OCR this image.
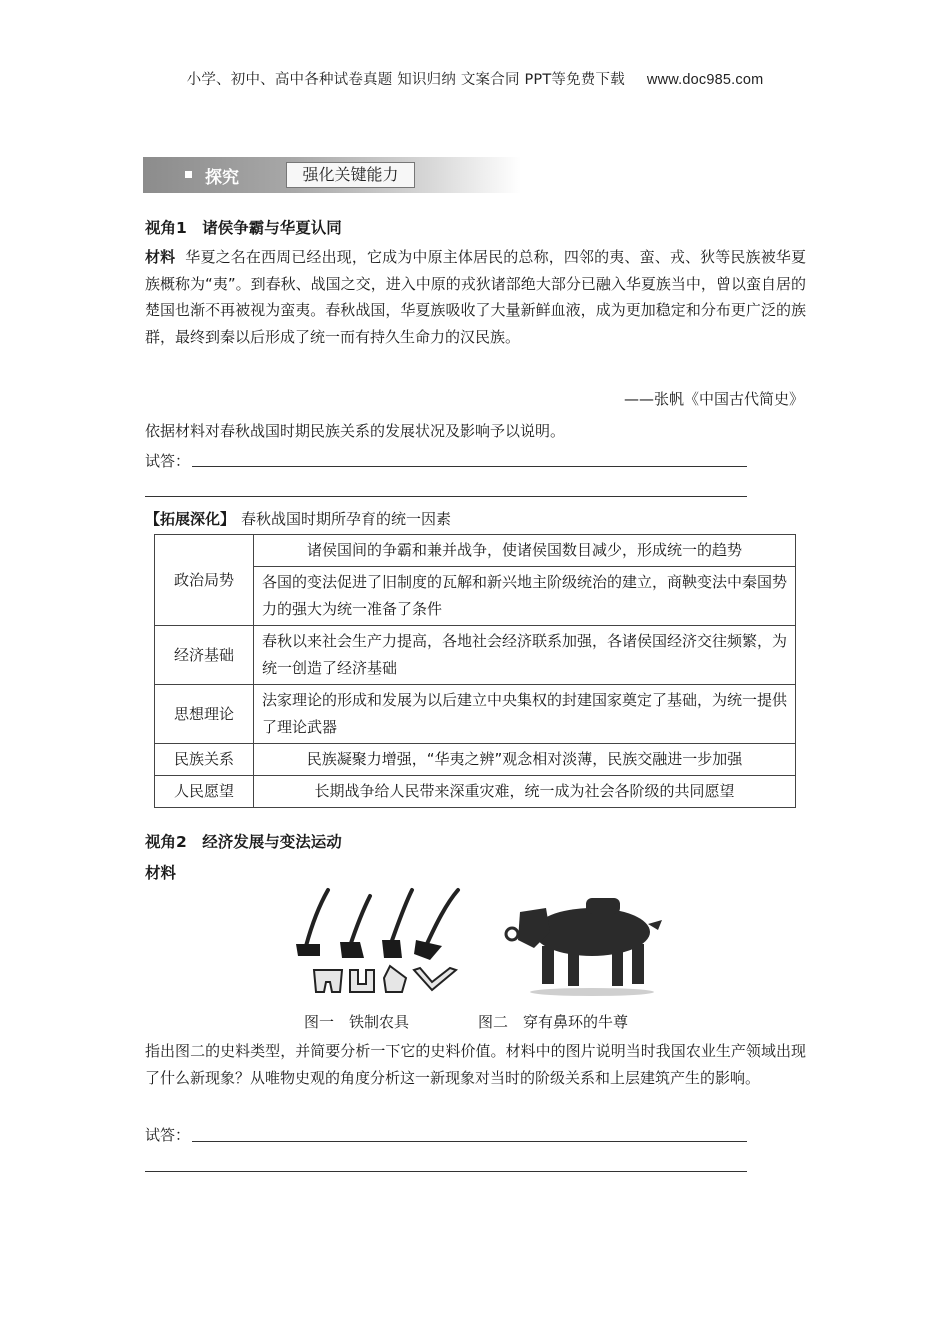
小学、初中、高中各种试卷真题 知识归纳 文案合同 PPT等免费下载 www.doc985.com
探究	强化关键能力
视角1　诸侯争霸与华夏认同
材料 华夏之名在西周已经出现，它成为中原主体居民的总称，四邻的夷、蛮、戎、狄等民族被华夏族概称为“夷”。到春秋、战国之交，进入中原的戎狄诸部绝大部分已融入华夏族当中，曾以蛮自居的楚国也渐不再被视为蛮夷。春秋战国，华夏族吸收了大量新鲜血液，成为更加稳定和分布更广泛的族群，最终到秦以后形成了统一而有持久生命力的汉民族。
——张帆《中国古代简史》
依据材料对春秋战国时期民族关系的发展状况及影响予以说明。
试答：
【拓展深化】 春秋战国时期所孕育的统一因素
政治局势	诸侯国间的争霸和兼并战争，使诸侯国数目减少，形成统一的趋势
	各国的变法促进了旧制度的瓦解和新兴地主阶级统治的建立，商鞅变法中秦国势力的强大为统一准备了条件
经济基础	春秋以来社会生产力提高，各地社会经济联系加强，各诸侯国经济交往频繁，为统一创造了经济基础
思想理论	法家理论的形成和发展为以后建立中央集权的封建国家奠定了基础，为统一提供了理论武器
民族关系	民族凝聚力增强，“华夷之辨”观念相对淡薄，民族交融进一步加强
人民愿望	长期战争给人民带来深重灾难，统一成为社会各阶级的共同愿望
视角2　经济发展与变法运动
材料
图一　铁制农具	图二　穿有鼻环的牛尊
指出图二的史料类型，并简要分析一下它的史料价值。材料中的图片说明当时我国农业生产领域出现了什么新现象？从唯物史观的角度分析这一新现象对当时的阶级关系和上层建筑产生的影响。
试答：
